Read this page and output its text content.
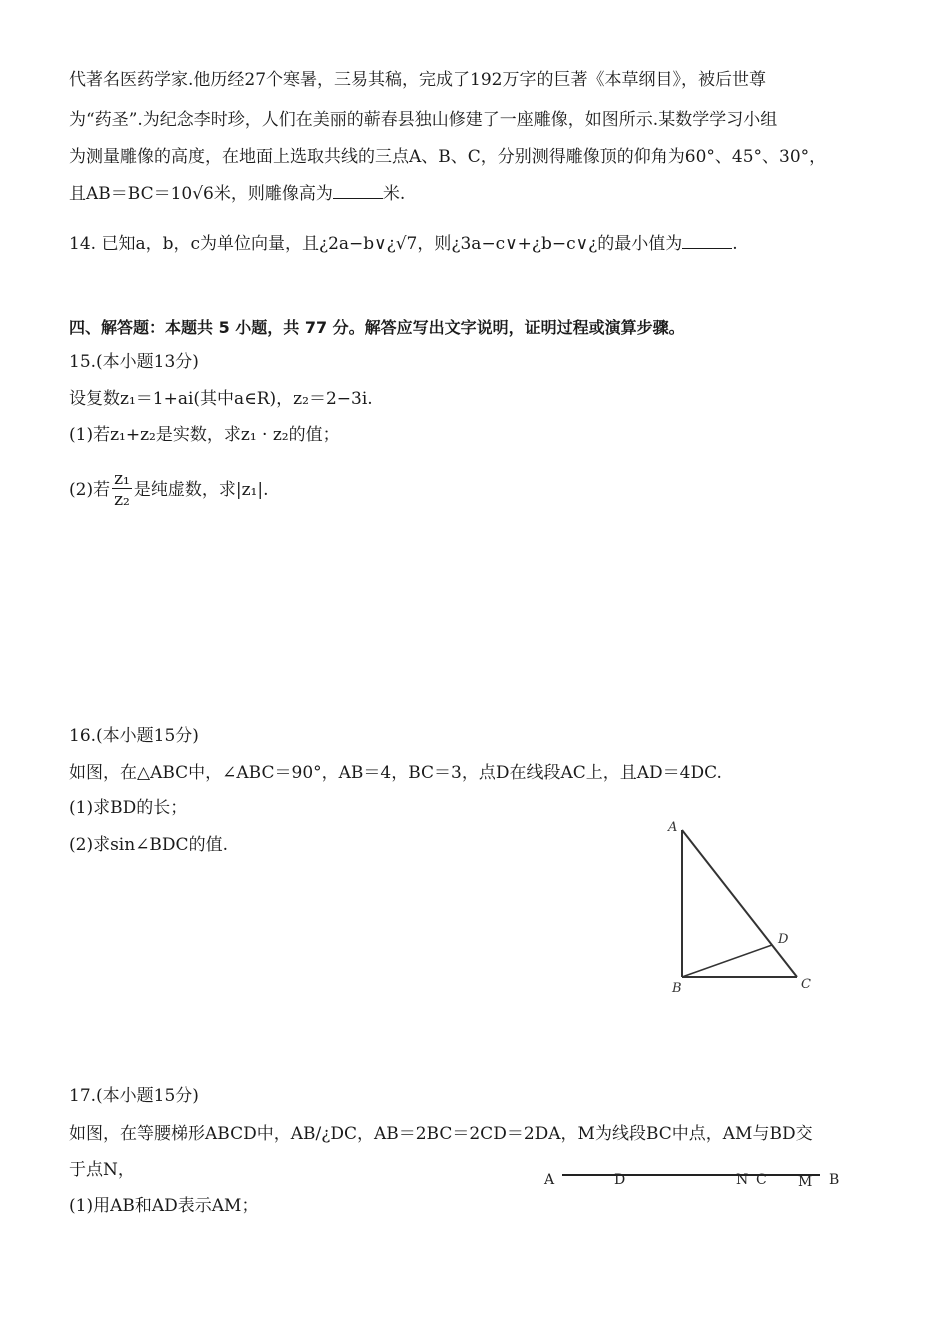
代著名医药学家.他历经27个寒暑，三易其稿，完成了192万字的巨著《本草纲目》，被后世尊
为“药圣”.为纪念李时珍，人们在美丽的蕲春县独山修建了一座雕像，如图所示.某数学学习小组
为测量雕像的高度，在地面上选取共线的三点A、B、C，分别测得雕像顶的仰角为60°、45°、30°，
且AB＝BC＝10√6米，则雕像高为	米.
14. 已知a，b，c为单位向量，且¿2a−b∨¿√7，则¿3a−c∨+¿b−c∨¿的最小值为	.
四、解答题：本题共 5 小题，共 77 分。解答应写出文字说明，证明过程或演算步骤。
15.(本小题13分)
设复数z₁＝1+ai(其中a∈R)，z₂＝2−3i.
(1)若z₁+z₂是实数，求z₁ · z₂的值；
(2)若 $\frac{\text{z₁}}{\text{z₂}}$ 是纯虚数，求|z₁|.
16.(本小题15分)
如图，在△ABC中，∠ABC＝90°，AB＝4，BC＝3，点D在线段AC上，且AD＝4DC.
(1)求BD的长；
(2)求sin∠BDC的值.
A
D
B	C
17.(本小题15分)
如图，在等腰梯形ABCD中，AB/¿DC，AB＝2BC＝2CD＝2DA，M为线段BC中点，AM与BD交
于点N，
(1)用AB和AD表示AM；
A	D	N C M B
